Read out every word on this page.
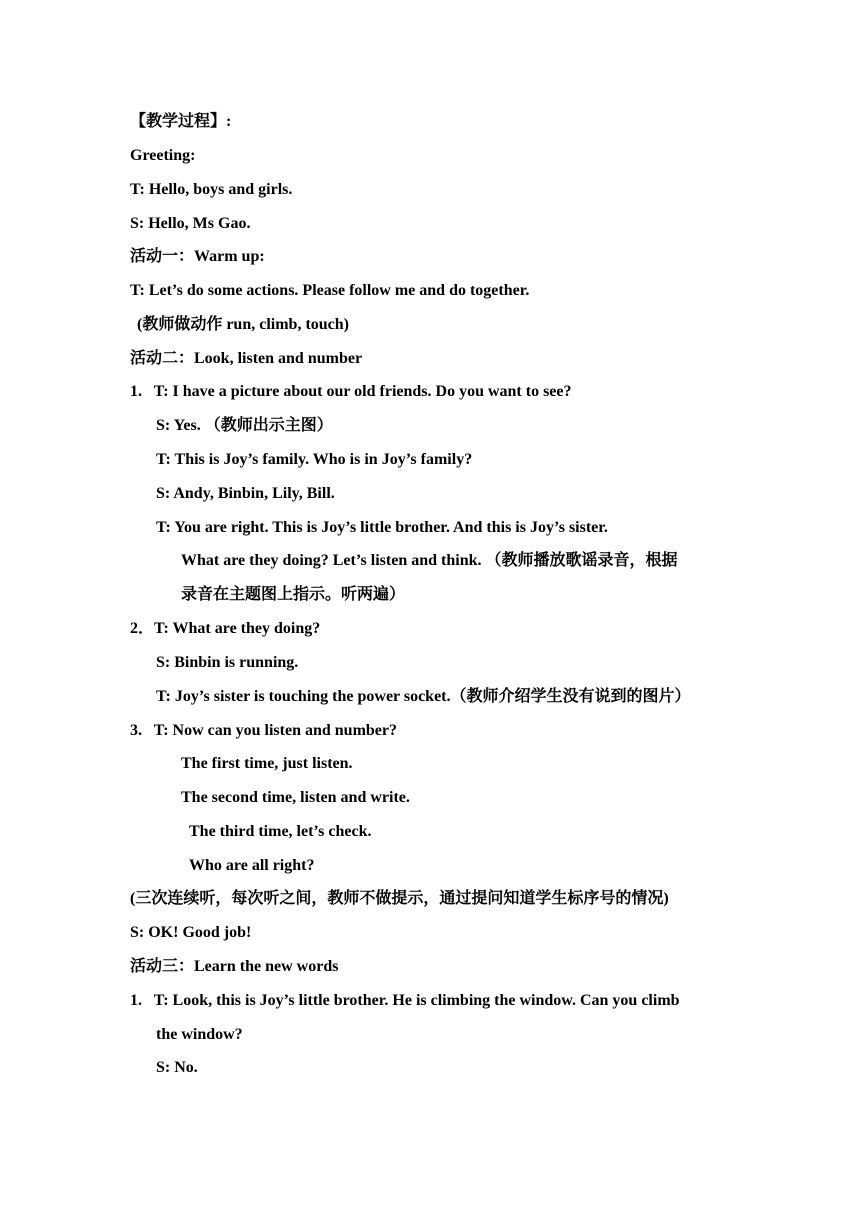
【教学过程】:
Greeting:
T: Hello, boys and girls.
S: Hello, Ms Gao.
活动一：Warm up:
T: Let’s do some actions. Please follow me and do together.
(教师做动作 run, climb, touch)
活动二：Look, listen and number
1.   T: I have a picture about our old friends. Do you want to see?
S: Yes. （教师出示主图）
T: This is Joy’s family. Who is in Joy’s family?
S: Andy, Binbin, Lily, Bill.
T: You are right. This is Joy’s little brother. And this is Joy’s sister.
What are they doing? Let’s listen and think. （教师播放歌谣录音，根据
录音在主题图上指示。听两遍）
2．T: What are they doing?
S: Binbin is running.
T: Joy’s sister is touching the power socket.（教师介绍学生没有说到的图片）
3.   T: Now can you listen and number?
The first time, just listen.
The second time, listen and write.
The third time, let’s check.
Who are all right?
(三次连续听，每次听之间，教师不做提示，通过提问知道学生标序号的情况)
S: OK! Good job!
活动三：Learn the new words
1.   T: Look, this is Joy’s little brother. He is climbing the window. Can you climb
the window?
S: No.
